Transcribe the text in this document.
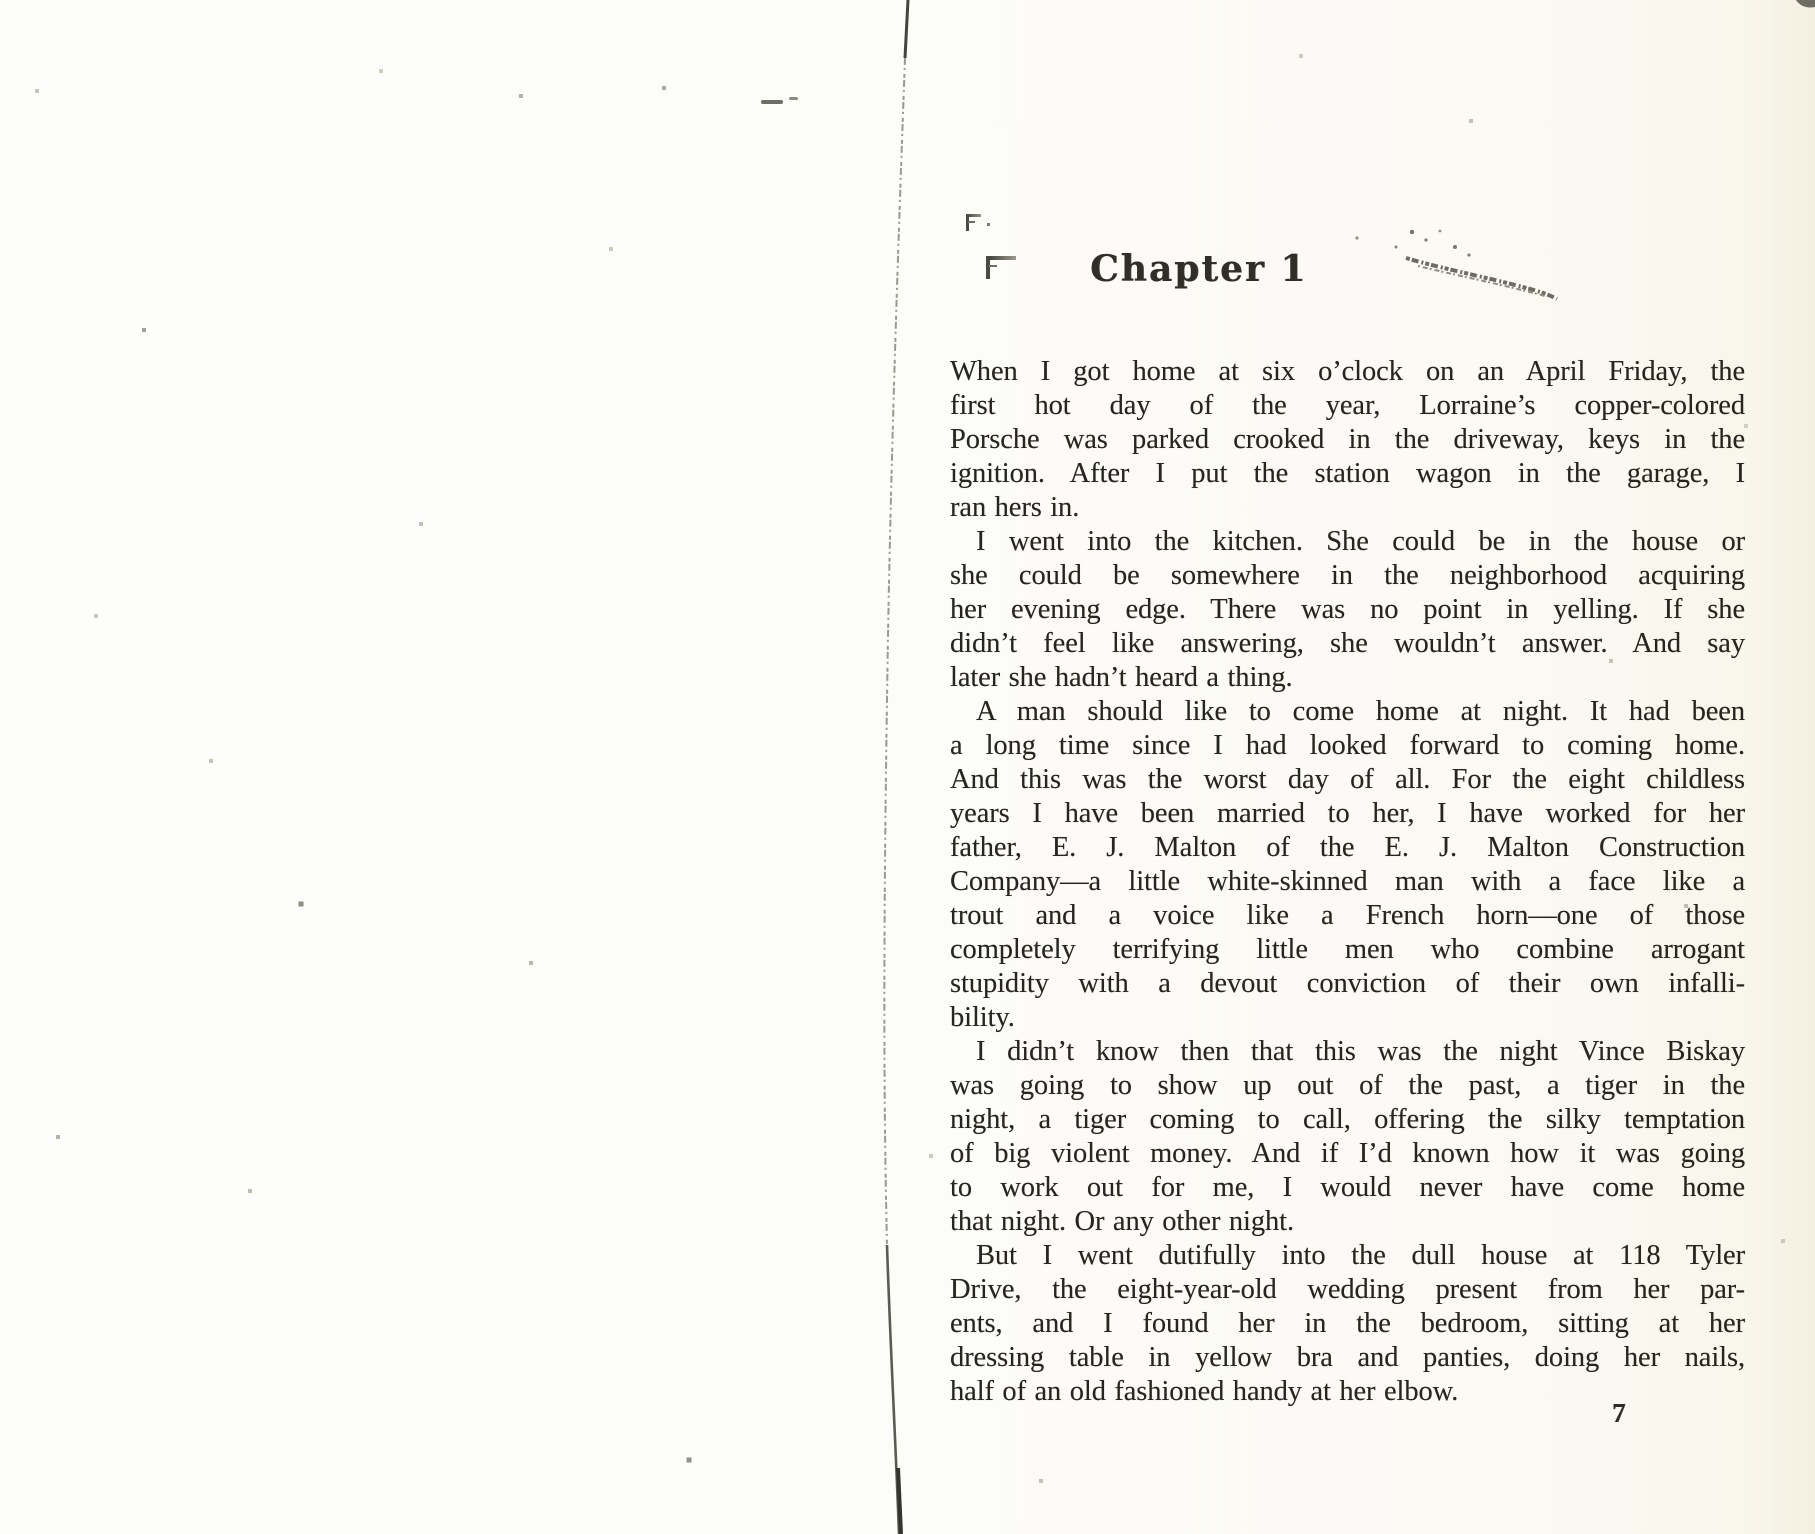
Chapter 1
When I got home at six o’clock on an April Friday, the
first hot day of the year, Lorraine’s copper-colored
Porsche was parked crooked in the driveway, keys in the
ignition. After I put the station wagon in the garage, I
ran hers in.
I went into the kitchen. She could be in the house or
she could be somewhere in the neighborhood acquiring
her evening edge. There was no point in yelling. If she
didn’t feel like answering, she wouldn’t answer. And say
later she hadn’t heard a thing.
A man should like to come home at night. It had been
a long time since I had looked forward to coming home.
And this was the worst day of all. For the eight childless
years I have been married to her, I have worked for her
father, E. J. Malton of the E. J. Malton Construction
Company—a little white-skinned man with a face like a
trout and a voice like a French horn—one of those
completely terrifying little men who combine arrogant
stupidity with a devout conviction of their own infalli-
bility.
I didn’t know then that this was the night Vince Biskay
was going to show up out of the past, a tiger in the
night, a tiger coming to call, offering the silky temptation
of big violent money. And if I’d known how it was going
to work out for me, I would never have come home
that night. Or any other night.
But I went dutifully into the dull house at 118 Tyler
Drive, the eight-year-old wedding present from her par-
ents, and I found her in the bedroom, sitting at her
dressing table in yellow bra and panties, doing her nails,
half of an old fashioned handy at her elbow.
7
